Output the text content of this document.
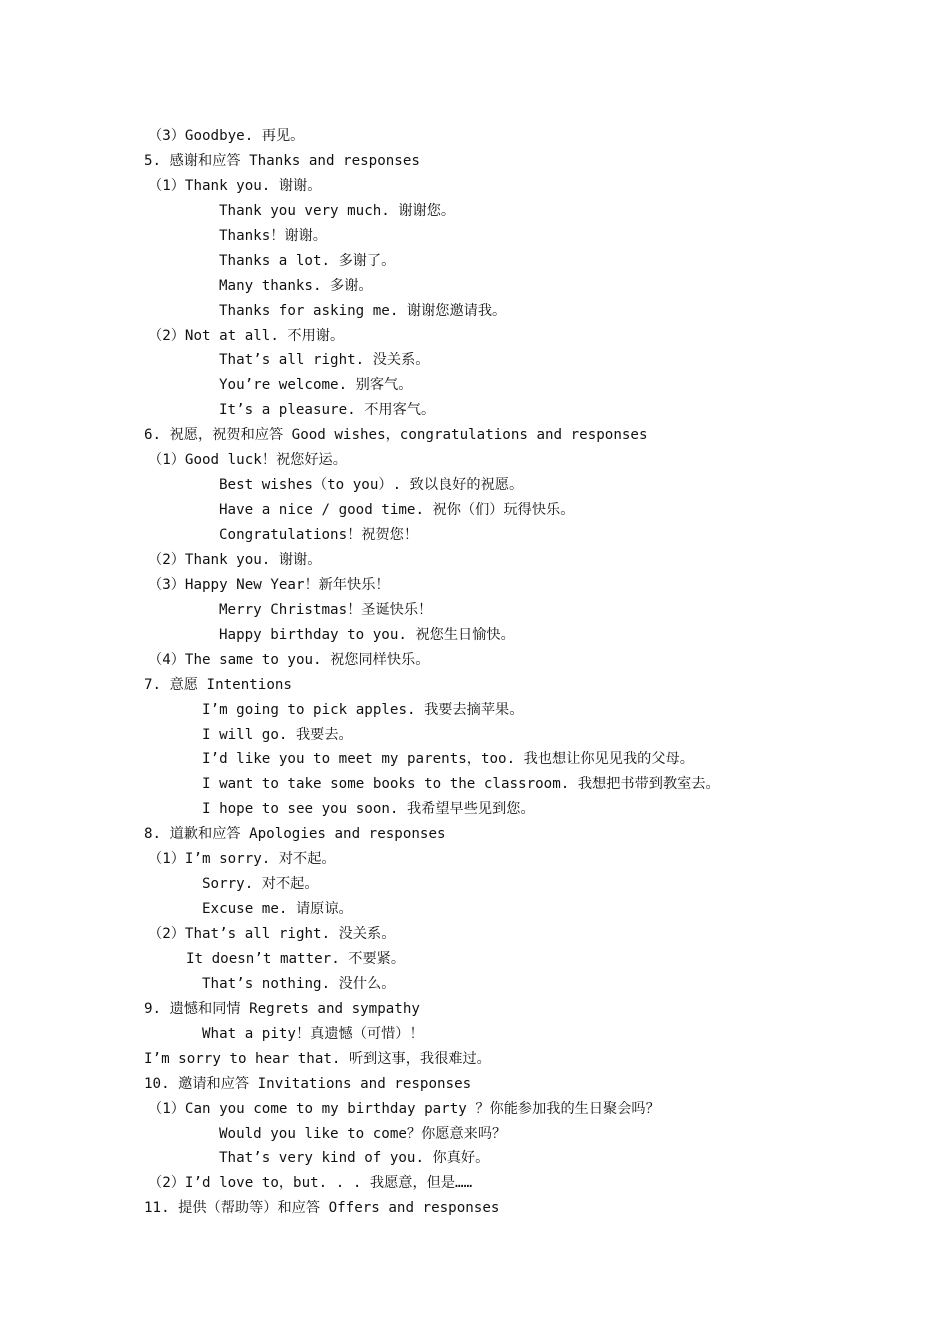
（3）Goodbye. 再见。
5. 感谢和应答 Thanks and responses
（1）Thank you. 谢谢。
Thank you very much. 谢谢您。
Thanks！谢谢。
Thanks a lot. 多谢了。
Many thanks. 多谢。
Thanks for asking me. 谢谢您邀请我。
（2）Not at all. 不用谢。
That’s all right. 没关系。
You’re welcome. 别客气。
It’s a pleasure. 不用客气。
6. 祝愿，祝贺和应答 Good wishes，congratulations and responses
（1）Good luck！祝您好运。
Best wishes（to you）. 致以良好的祝愿。
Have a nice / good time. 祝你（们）玩得快乐。
Congratulations！祝贺您！
（2）Thank you. 谢谢。
（3）Happy New Year！新年快乐！
Merry Christmas！圣诞快乐！
Happy birthday to you. 祝您生日愉快。
（4）The same to you. 祝您同样快乐。
7. 意愿 Intentions
I’m going to pick apples. 我要去摘苹果。
I will go. 我要去。
I’d like you to meet my parents，too. 我也想让你见见我的父母。
I want to take some books to the classroom. 我想把书带到教室去。
I hope to see you soon. 我希望早些见到您。
8. 道歉和应答 Apologies and responses
（1）I’m sorry. 对不起。
Sorry. 对不起。
Excuse me. 请原谅。
（2）That’s all right. 没关系。
It doesn’t matter. 不要紧。
That’s nothing. 没什么。
9. 遗憾和同情 Regrets and sympathy
What a pity！真遗憾（可惜）！
I’m sorry to hear that. 听到这事，我很难过。
10. 邀请和应答 Invitations and responses
（1）Can you come to my birthday party ？你能参加我的生日聚会吗？
Would you like to come？你愿意来吗？
That’s very kind of you. 你真好。
（2）I’d love to，but. . . 我愿意，但是……
11. 提供（帮助等）和应答 Offers and responses
